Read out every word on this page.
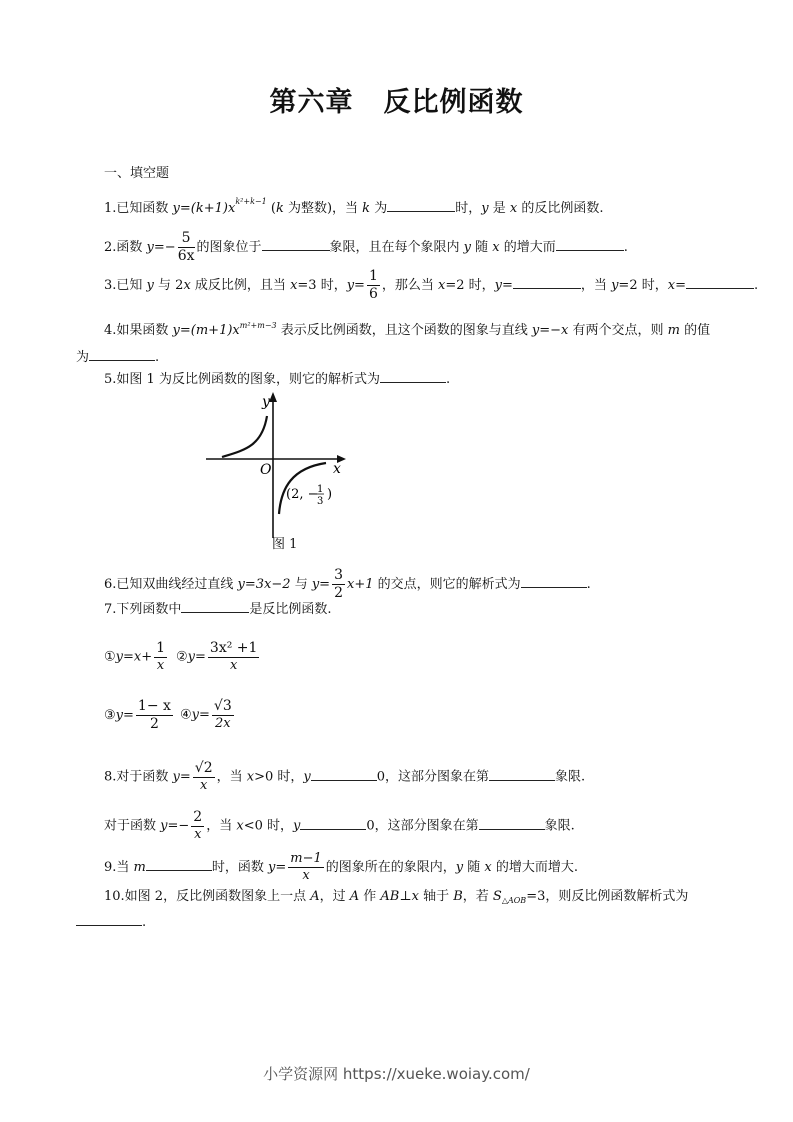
第六章 反比例函数
一、填空题
1.已知函数 $y=(k+1)x^{k^2+k-1}$ (k 为整数)，当 k 为	时，y 是 x 的反比例函数.
2.函数 $y=- \frac{5}{6x}$ 的图象位于	象限，且在每个象限内 y 随 x 的增大而	.
3.已知 y 与 2x 成反比例，且当 x=3 时，$y= \frac{1}{6}$ ，那么当 x=2 时，y=	，当 y=2 时，x=	.
4.如果函数 $y=(m+1)x^{m^2+m-3}$ 表示反比例函数，且这个函数的图象与直线 y=−x 有两个交点，则 m 的值
为	.
5.如图 1 为反比例函数的图象，则它的解析式为	.
y
x
O
(2, −
1
3 )
图 1
6.已知双曲线经过直线 y=3x−2 与 $y= \frac{3}{2} x+1$ 的交点，则它的解析式为	.
7.下列函数中	是反比例函数.
①y=x+ $\frac{1}{x}$ ②y= $\frac{\text{3x² +1}}{x}$
③y= $\frac{1- x}{2}$ ④y= $\frac{√3}{2x}$
8.对于函数 $y= \frac{√2}{x}$ ，当 x>0 时，y	0，这部分图象在第	象限.
对于函数 $y=- \frac{2}{x}$ ，当 x<0 时，y	0，这部分图象在第	象限.
9.当 m	时，函数 $y= \frac{m-1}{x}$ 的图象所在的象限内，y 随 x 的增大而增大.
10.如图 2，反比例函数图象上一点 A，过 A 作 AB⊥x 轴于 B，若 $S_{\triangle AOB}=3$，则反比例函数解析式为
.
小学资源网 https://xueke.woiay.com/
